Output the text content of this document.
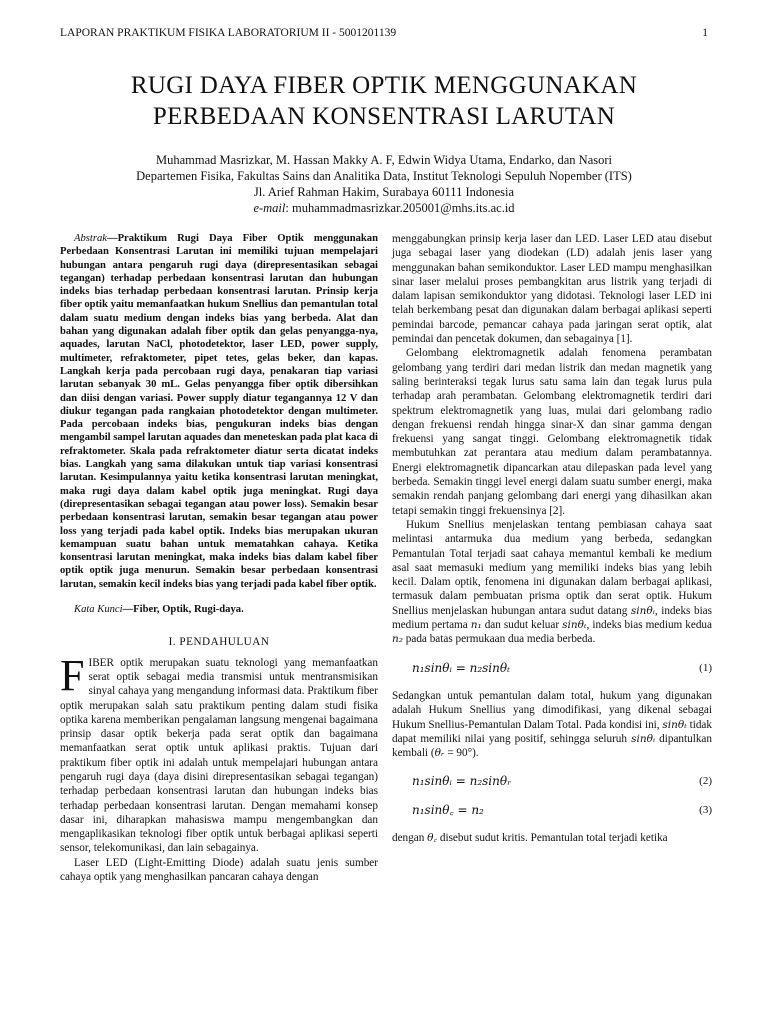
LAPORAN PRAKTIKUM FISIKA LABORATORIUM II - 5001201139	1
RUGI DAYA FIBER OPTIK MENGGUNAKAN
PERBEDAAN KONSENTRASI LARUTAN
Muhammad Masrizkar, M. Hassan Makky A. F, Edwin Widya Utama, Endarko, dan Nasori
Departemen Fisika, Fakultas Sains dan Analitika Data, Institut Teknologi Sepuluh Nopember (ITS)
Jl. Arief Rahman Hakim, Surabaya 60111 Indonesia
e-mail: muhammadmasrizkar.205001@mhs.its.ac.id

Abstrak—Praktikum Rugi Daya Fiber Optik menggunakan Perbedaan Konsentrasi Larutan ini memiliki tujuan mempelajari hubungan antara pengaruh rugi daya (direpresentasikan sebagai tegangan) terhadap perbedaan konsentrasi larutan dan hubungan indeks bias terhadap perbedaan konsentrasi larutan. Prinsip kerja fiber optik yaitu memanfaatkan hukum Snellius dan pemantulan total dalam suatu medium dengan indeks bias yang berbeda. Alat dan bahan yang digunakan adalah fiber optik dan gelas penyangga-nya, aquades, larutan NaCl, photodetektor, laser LED, power supply, multimeter, refraktometer, pipet tetes, gelas beker, dan kapas. Langkah kerja pada percobaan rugi daya, penakaran tiap variasi larutan sebanyak 30 mL. Gelas penyangga fiber optik dibersihkan dan diisi dengan variasi. Power supply diatur tegangannya 12 V dan diukur tegangan pada rangkaian photodetektor dengan multimeter. Pada percobaan indeks bias, pengukuran indeks bias dengan mengambil sampel larutan aquades dan meneteskan pada plat kaca di refraktometer. Skala pada refraktometer diatur serta dicatat indeks bias. Langkah yang sama dilakukan untuk tiap variasi konsentrasi larutan. Kesimpulannya yaitu ketika konsentrasi larutan meningkat, maka rugi daya dalam kabel optik juga meningkat. Rugi daya (direpresentasikan sebagai tegangan atau power loss). Semakin besar perbedaan konsentrasi larutan, semakin besar tegangan atau power loss yang terjadi pada kabel optik. Indeks bias merupakan ukuran kemampuan suatu bahan untuk mematahkan cahaya. Ketika konsentrasi larutan meningkat, maka indeks bias dalam kabel fiber optik optik juga menurun. Semakin besar perbedaan konsentrasi larutan, semakin kecil indeks bias yang terjadi pada kabel fiber optik.

Kata Kunci—Fiber, Optik, Rugi-daya.

I. PENDAHULUAN

FIBER optik merupakan suatu teknologi yang memanfaatkan serat optik sebagai media transmisi untuk mentransmisikan sinyal cahaya yang mengandung informasi data. Praktikum fiber optik merupakan salah satu praktikum penting dalam studi fisika optika karena memberikan pengalaman langsung mengenai bagaimana prinsip dasar optik bekerja pada serat optik dan bagaimana memanfaatkan serat optik untuk aplikasi praktis. Tujuan dari praktikum fiber optik ini adalah untuk mempelajari hubungan antara pengaruh rugi daya (daya disini direpresentasikan sebagai tegangan) terhadap perbedaan konsentrasi larutan dan hubungan indeks bias terhadap perbedaan konsentrasi larutan. Dengan memahami konsep dasar ini, diharapkan mahasiswa mampu mengembangkan dan mengaplikasikan teknologi fiber optik untuk berbagai aplikasi seperti sensor, telekomunikasi, dan lain sebagainya.

Laser LED (Light-Emitting Diode) adalah suatu jenis sumber cahaya optik yang menghasilkan pancaran cahaya dengan

menggabungkan prinsip kerja laser dan LED. Laser LED atau disebut juga sebagai laser yang diodekan (LD) adalah jenis laser yang menggunakan bahan semikonduktor. Laser LED mampu menghasilkan sinar laser melalui proses pembangkitan arus listrik yang terjadi di dalam lapisan semikonduktor yang didotasi. Teknologi laser LED ini telah berkembang pesat dan digunakan dalam berbagai aplikasi seperti pemindai barcode, pemancar cahaya pada jaringan serat optik, alat pemindai dan pencetak dokumen, dan sebagainya [1].

Gelombang elektromagnetik adalah fenomena perambatan gelombang yang terdiri dari medan listrik dan medan magnetik yang saling berinteraksi tegak lurus satu sama lain dan tegak lurus pula terhadap arah perambatan. Gelombang elektromagnetik terdiri dari spektrum elektromagnetik yang luas, mulai dari gelombang radio dengan frekuensi rendah hingga sinar-X dan sinar gamma dengan frekuensi yang sangat tinggi. Gelombang elektromagnetik tidak membutuhkan zat perantara atau medium dalam perambatannya. Energi elektromagnetik dipancarkan atau dilepaskan pada level yang berbeda. Semakin tinggi level energi dalam suatu sumber energi, maka semakin rendah panjang gelombang dari energi yang dihasilkan akan tetapi semakin tinggi frekuensinya [2].

Hukum Snellius menjelaskan tentang pembiasan cahaya saat melintasi antarmuka dua medium yang berbeda, sedangkan Pemantulan Total terjadi saat cahaya memantul kembali ke medium asal saat memasuki medium yang memiliki indeks bias yang lebih kecil. Dalam optik, fenomena ini digunakan dalam berbagai aplikasi, termasuk dalam pembuatan prisma optik dan serat optik. Hukum Snellius menjelaskan hubungan antara sudut datang sinθᵢ, indeks bias medium pertama n₁ dan sudut keluar sinθₜ, indeks bias medium kedua n₂ pada batas permukaan dua media berbeda.

n₁sinθᵢ = n₂sinθₜ	(1)

Sedangkan untuk pemantulan dalam total, hukum yang digunakan adalah Hukum Snellius yang dimodifikasi, yang dikenal sebagai Hukum Snellius-Pemantulan Dalam Total. Pada kondisi ini, sinθₜ tidak dapat memiliki nilai yang positif, sehingga seluruh sinθᵢ dipantulkan kembali (θᵣ = 90°).

n₁sinθᵢ = n₂sinθᵣ	(2)
n₁sinθ꜀ = n₂	(3)

dengan θ꜀ disebut sudut kritis. Pemantulan total terjadi ketika
